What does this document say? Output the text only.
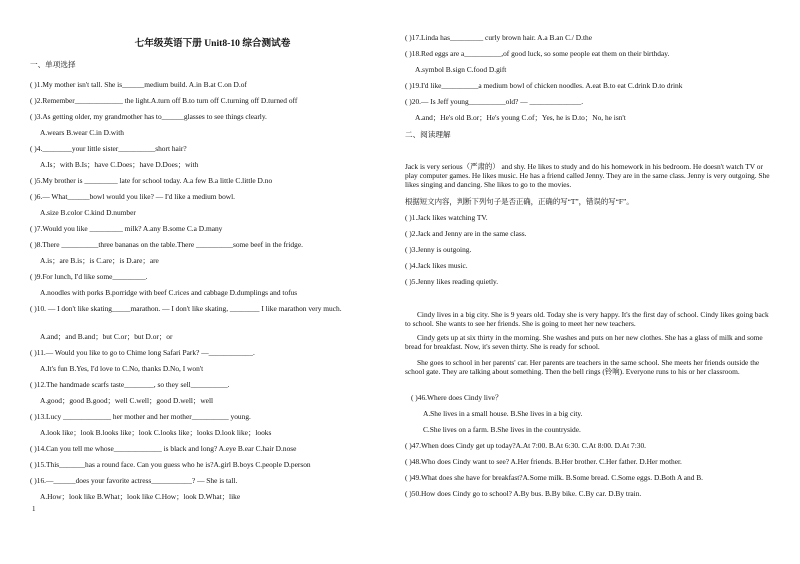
七年级英语下册 Unit8-10 综合测试卷
一、单项选择
( )1.My mother isn't tall. She is______medium build. A.in B.at C.on D.of
( )2.Remember_____________ the light.A.turn off B.to turn off C.turning off D.turned off
( )3.As getting older, my grandmother has to______glasses to see things clearly.
A.wears B.wear C.in D.with
( )4.________your little sister__________short hair?
A.Is；with B.Is；have C.Does；have D.Does；with
( )5.My brother is _________ late for school today. A.a few B.a little C.little D.no
( )6.— What______bowl would you like? — I'd like a medium bowl.
A.size B.color C.kind D.number
( )7.Would you like _________ milk? A.any B.some C.a D.many
( )8.There __________three bananas on the table.There __________some beef in the fridge.
A.is；are B.is；is C.are；is D.are；are
( )9.For lunch, I'd like some_________.
A.noodles with porks B.porridge with beef C.rices and cabbage D.dumplings and tofus
A.and；and B.and；but C.or；but D.or；or
( )11.— Would you like to go to Chime long Safari Park? —____________.
A.It's fun B.Yes, I'd love to C.No, thanks D.No, I won't
( )12.The handmade scarfs taste________, so they sell__________.
A.good；good B.good；well C.well；good D.well；well
( )13.Lucy _____________ her mother and her mother__________ young.
A.look like；look B.looks like；look C.looks like；looks D.look like；looks
( )14.Can you tell me whose_____________ is black and long? A.eye B.ear C.hair D.nose
( )15.This_______has a round face. Can you guess who he is?A.girl B.boys C.people D.person
( )16.—______does your favorite actress___________? — She is tall.
A.How；look like B.What；look like C.How；look D.What；like
( )10. — I don't like skating_____marathon. — I don't like skating, ________ I like marathon very much.
( )17.Linda has_________ curly brown hair. A.a B.an C./ D.the
( )18.Red eggs are a__________,of good luck, so some people eat them on their birthday.
A.symbol B.sign C.food D.gift
( )19.I'd like__________a medium bowl of chicken noodles. A.eat B.to eat C.drink D.to drink
( )20.— Is Jeff young__________old? — ______________.
A.and；He's old B.or；He's young C.of；Yes, he is D.to；No, he isn't
根据短文内容，判断下列句子是否正确，正确的写“T”，错误的写“F”。
( )1.Jack likes watching TV.
( )2.Jack and Jenny are in the same class.
( )3.Jenny is outgoing.
( )4.Jack likes music.
( )5.Jenny likes reading quietly.
( )46.Where does Cindy live？
A.She lives in a small house. B.She lives in a big city.
C.She lives on a farm. B.She lives in the countryside.
( )47.When does Cindy get up today?A.At 7:00. B.At 6:30. C.At 8:00. D.At 7:30.
( )48.Who does Cindy want to see? A.Her friends. B.Her brother. C.Her father. D.Her mother.
( )49.What does she have for breakfast?A.Some milk. B.Some bread. C.Some eggs. D.Both A and B.
( )50.How does Cindy go to school? A.By bus. B.By bike. C.By car. D.By train.
二、阅读理解
Jack is very serious（严肃的） and shy. He likes to study and do his homework in his bedroom. He doesn't watch TV or play computer games. He likes music. He has a friend called Jenny. They are in the same class. Jenny is very outgoing. She likes singing and dancing. She likes to go to the movies.
Cindy lives in a big city. She is 9 years old. Today she is very happy. It's the first day of school. Cindy likes going back to school. She wants to see her friends. She is going to meet her new teachers.
Cindy gets up at six thirty in the morning. She washes and puts on her new clothes. She has a glass of milk and some bread for breakfast. Now, it's seven thirty. She is ready for school.
She goes to school in her parents' car. Her parents are teachers in the same school. She meets her friends outside the school gate. They are talking about something. Then the bell rings (铃响). Everyone runs to his or her classroom.
1
